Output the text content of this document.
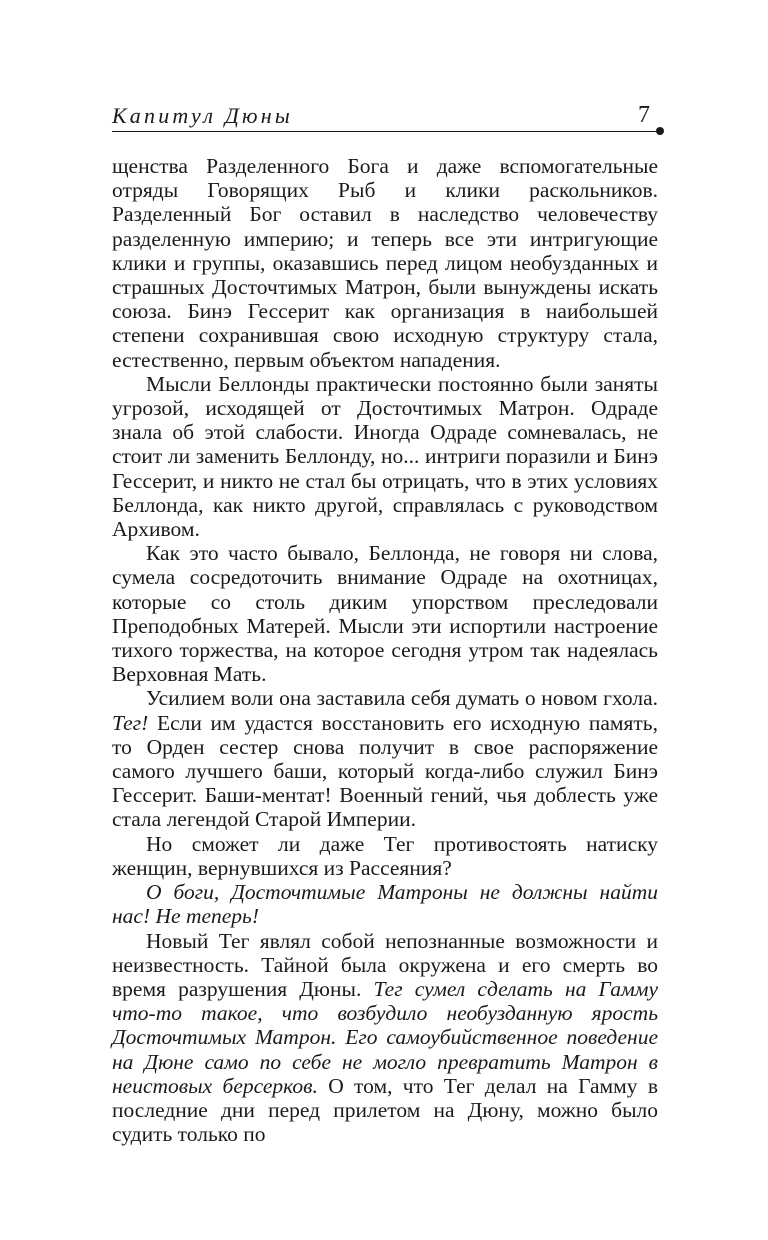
Капитул Дюны	7

щенства Разделенного Бога и даже вспомогательные отряды Говорящих Рыб и клики раскольников. Разделенный Бог оставил в наследство человечеству разделенную империю; и теперь все эти интригующие клики и группы, оказавшись перед лицом необузданных и страшных Досточтимых Матрон, были вынуждены искать союза. Бинэ Гессерит как организация в наибольшей степени сохранившая свою исходную структуру стала, естественно, первым объектом нападения.

Мысли Беллонды практически постоянно были заняты угрозой, исходящей от Досточтимых Матрон. Одраде знала об этой слабости. Иногда Одраде сомневалась, не стоит ли заменить Беллонду, но... интриги поразили и Бинэ Гессерит, и никто не стал бы отрицать, что в этих условиях Беллонда, как никто другой, справлялась с руководством Архивом.

Как это часто бывало, Беллонда, не говоря ни слова, сумела сосредоточить внимание Одраде на охотницах, которые со столь диким упорством преследовали Преподобных Матерей. Мысли эти испортили настроение тихого торжества, на которое сегодня утром так надеялась Верховная Мать.

Усилием воли она заставила себя думать о новом гхола. Тег! Если им удастся восстановить его исходную память, то Орден сестер снова получит в свое распоряжение самого лучшего баши, который когда-либо служил Бинэ Гессерит. Баши-ментат! Военный гений, чья доблесть уже стала легендой Старой Империи.

Но сможет ли даже Тег противостоять натиску женщин, вернувшихся из Рассеяния?

О боги, Досточтимые Матроны не должны найти нас! Не теперь!

Новый Тег являл собой непознанные возможности и неизвестность. Тайной была окружена и его смерть во время разрушения Дюны. Тег сумел сделать на Гамму что-то такое, что возбудило необузданную ярость Досточтимых Матрон. Его самоубийственное поведение на Дюне само по себе не могло превратить Матрон в неистовых берсерков. О том, что Тег делал на Гамму в последние дни перед прилетом на Дюну, можно было судить только по
